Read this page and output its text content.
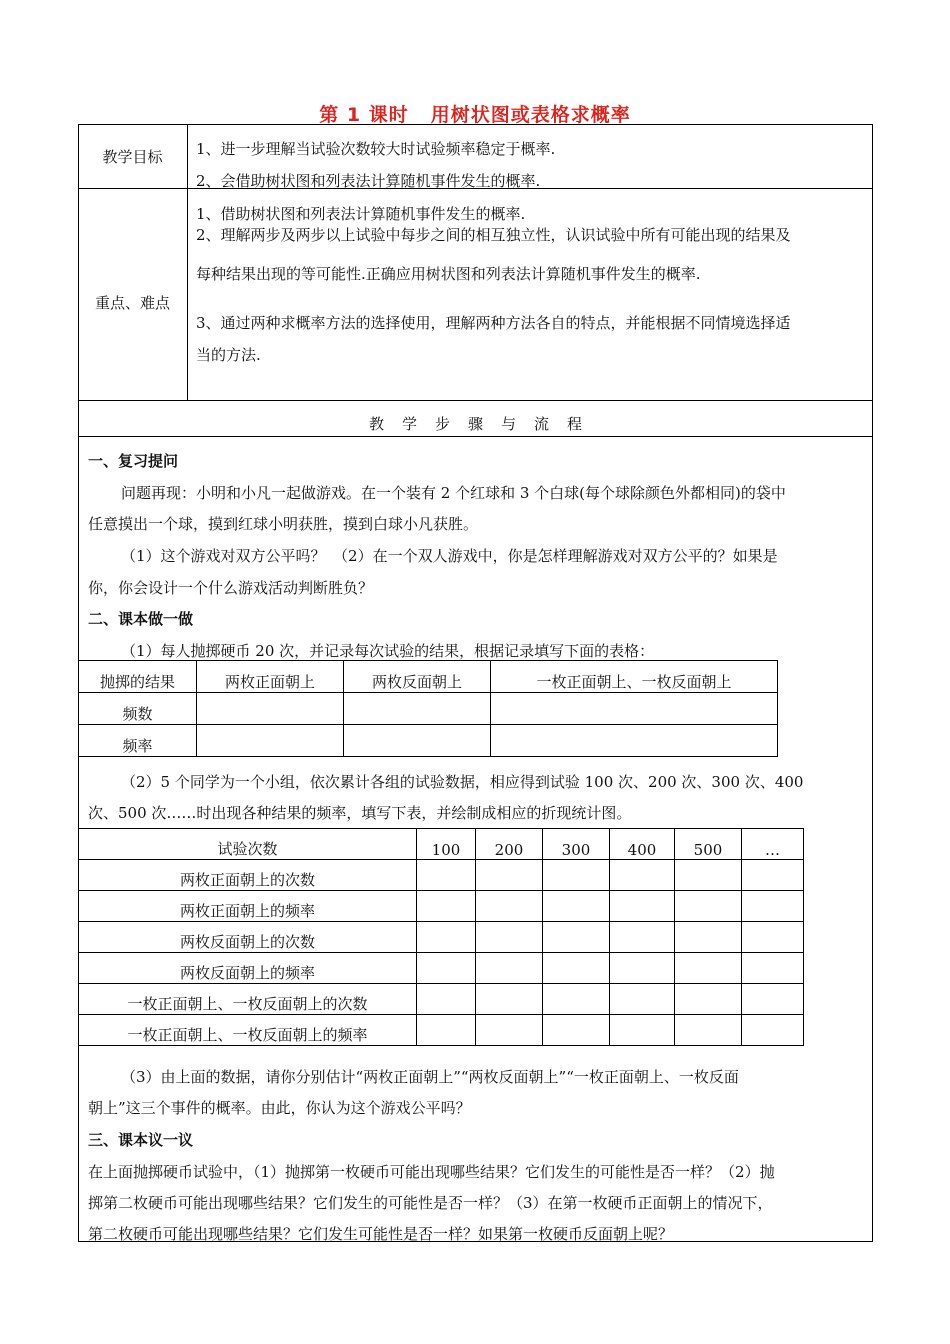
第 1 课时 用树状图或表格求概率
教学目标	1、进一步理解当试验次数较大时试验频率稳定于概率.
2、会借助树状图和列表法计算随机事件发生的概率.
重点、难点
1、借助树状图和列表法计算随机事件发生的概率.
2、理解两步及两步以上试验中每步之间的相互独立性，认识试验中所有可能出现的结果及
每种结果出现的等可能性.正确应用树状图和列表法计算随机事件发生的概率.
3、通过两种求概率方法的选择使用，理解两种方法各自的特点，并能根据不同情境选择适
当的方法.
教学步骤与流程
一、复习提问
问题再现：小明和小凡一起做游戏。在一个装有 2 个红球和 3 个白球(每个球除颜色外都相同)的袋中
任意摸出一个球，摸到红球小明获胜，摸到白球小凡获胜。
（1）这个游戏对双方公平吗？　（2）在一个双人游戏中，你是怎样理解游戏对双方公平的？如果是
你，你会设计一个什么游戏活动判断胜负？
二、课本做一做
（1）每人抛掷硬币 20 次，并记录每次试验的结果，根据记录填写下面的表格：
抛掷的结果	两枚正面朝上	两枚反面朝上	一枚正面朝上、一枚反面朝上
频数			
频率			
（2）5 个同学为一个小组，依次累计各组的试验数据，相应得到试验 100 次、200 次、300 次、400
次、500 次……时出现各种结果的频率，填写下表，并绘制成相应的折现统计图。
试验次数	100	200	300	400	500	…
两枚正面朝上的次数						
两枚正面朝上的频率						
两枚反面朝上的次数						
两枚反面朝上的频率						
一枚正面朝上、一枚反面朝上的次数						
一枚正面朝上、一枚反面朝上的频率						
（3）由上面的数据，请你分别估计“两枚正面朝上”“两枚反面朝上”“一枚正面朝上、一枚反面
朝上”这三个事件的概率。由此，你认为这个游戏公平吗？
三、课本议一议
在上面抛掷硬币试验中，（1）抛掷第一枚硬币可能出现哪些结果？它们发生的可能性是否一样？（2）抛
掷第二枚硬币可能出现哪些结果？它们发生的可能性是否一样？（3）在第一枚硬币正面朝上的情况下，
第二枚硬币可能出现哪些结果？它们发生可能性是否一样？如果第一枚硬币反面朝上呢？
